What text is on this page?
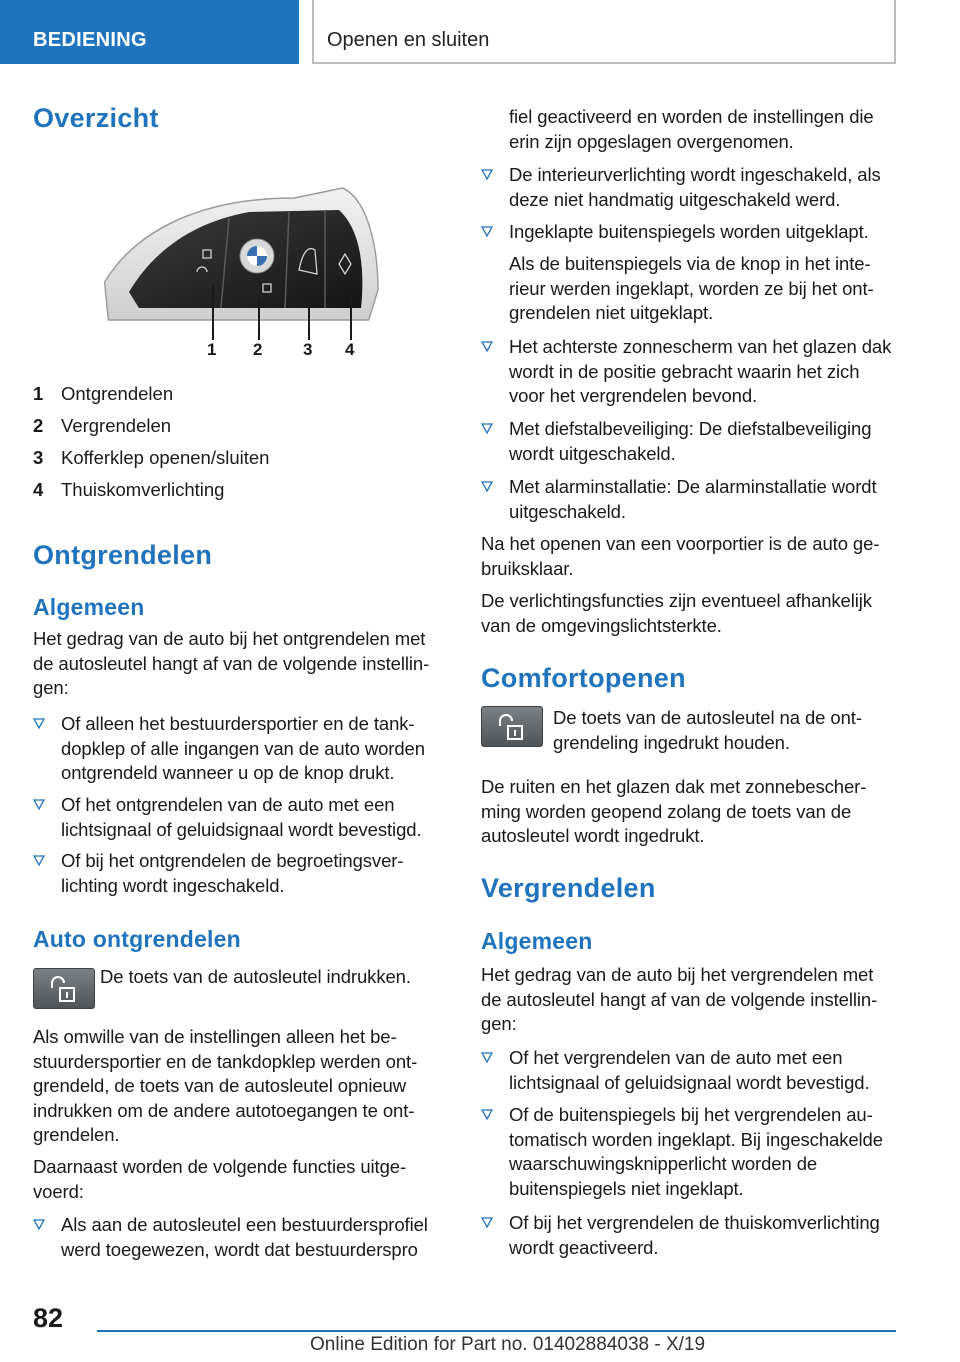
BEDIENING	Openen en sluiten
Overzicht
1 2 3 4
1 Ontgrendelen
2 Vergrendelen
3 Kofferklep openen/sluiten
4 Thuiskomverlichting
Ontgrendelen
Algemeen

Het gedrag van de auto bij het ontgrendelen met de autosleutel hangt af van de volgende instellingen:

Of alleen het bestuurdersportier en de tankdopklep of alle ingangen van de auto worden ontgrendeld wanneer u op de knop drukt.

Of het ontgrendelen van de auto met een lichtsignaal of geluidsignaal wordt bevestigd.

Of bij het ontgrendelen de begroetingsverlichting wordt ingeschakeld.

Auto ontgrendelen

De toets van de autosleutel indrukken.

Als omwille van de instellingen alleen het bestuurdersportier en de tankdopklep werden ontgrendeld, de toets van de autosleutel opnieuw indrukken om de andere autotoegangen te ontgrendelen.

Daarnaast worden de volgende functies uitgevoerd:

Als aan de autosleutel een bestuurdersprofiel werd toegewezen, wordt dat bestuurderspro

fiel geactiveerd en worden de instellingen die erin zijn opgeslagen overgenomen.

De interieurverlichting wordt ingeschakeld, als deze niet handmatig uitgeschakeld werd.

Ingeklapte buitenspiegels worden uitgeklapt.

Als de buitenspiegels via de knop in het interieur werden ingeklapt, worden ze bij het ontgrendelen niet uitgeklapt.

Het achterste zonnescherm van het glazen dak wordt in de positie gebracht waarin het zich voor het vergrendelen bevond.

Met diefstalbeveiliging: De diefstalbeveiliging wordt uitgeschakeld.

Met alarminstallatie: De alarminstallatie wordt uitgeschakeld.

Na het openen van een voorportier is de auto gebruiksklaar.

De verlichtingsfuncties zijn eventueel afhankelijk van de omgevingslichtsterkte.

Comfortopenen

De toets van de autosleutel na de ontgrendeling ingedrukt houden.

De ruiten en het glazen dak met zonnebescherming worden geopend zolang de toets van de autosleutel wordt ingedrukt.

Vergrendelen
Algemeen

Het gedrag van de auto bij het vergrendelen met de autosleutel hangt af van de volgende instellingen:

Of het vergrendelen van de auto met een lichtsignaal of geluidsignaal wordt bevestigd.

Of de buitenspiegels bij het vergrendelen automatisch worden ingeklapt. Bij ingeschakelde waarschuwingsknipperlicht worden de buitenspiegels niet ingeklapt.

Of bij het vergrendelen de thuiskomverlichting wordt geactiveerd.

82
Online Edition for Part no. 01402884038 - X/19
